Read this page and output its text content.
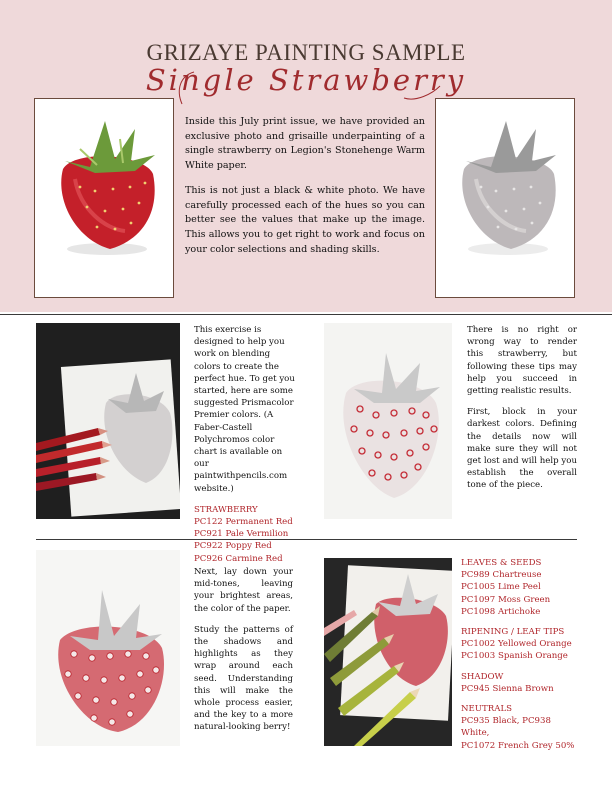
GRIZAYE PAINTING SAMPLE
Single Strawberry

Inside this July print issue, we have provided an exclusive photo and grisaille underpainting of a single strawberry on Legion's Stonehenge Warm White paper.

This is not just a black & white photo. We have carefully processed each of the hues so you can better see the values that make up the image. This allows you to get right to work and focus on your color selections and shading skills.

This exercise is designed to help you work on blending colors to create the perfect hue. To get you started, here are some suggested Prismacolor Premier colors. (A Faber-Castell Polychromos color chart is available on our paintwithpencils.com website.)

STRAWBERRY

PC122 Permanent Red

PC921 Pale Vermilion

PC922 Poppy Red

PC926 Carmine Red

There is no right or wrong way to render this strawberry, but following these tips may help you succeed in getting realistic results.

First, block in your darkest colors. Defining the details now will make sure they will not get lost and will help you establish the overall tone of the piece.

Next, lay down your mid-tones, leaving your brightest areas, the color of the paper.

Study the patterns of the shadows and highlights as they wrap around each seed. Understanding this will make the whole process easier, and the key to a more natural-looking berry!

LEAVES & SEEDS

PC989 Chartreuse

PC1005 Lime Peel

PC1097 Moss Green

PC1098 Artichoke

RIPENING / LEAF TIPS

PC1002 Yellowed Orange

PC1003 Spanish Orange

SHADOW

PC945 Sienna Brown

NEUTRALS

PC935 Black, PC938 White,

PC1072 French Grey 50%
